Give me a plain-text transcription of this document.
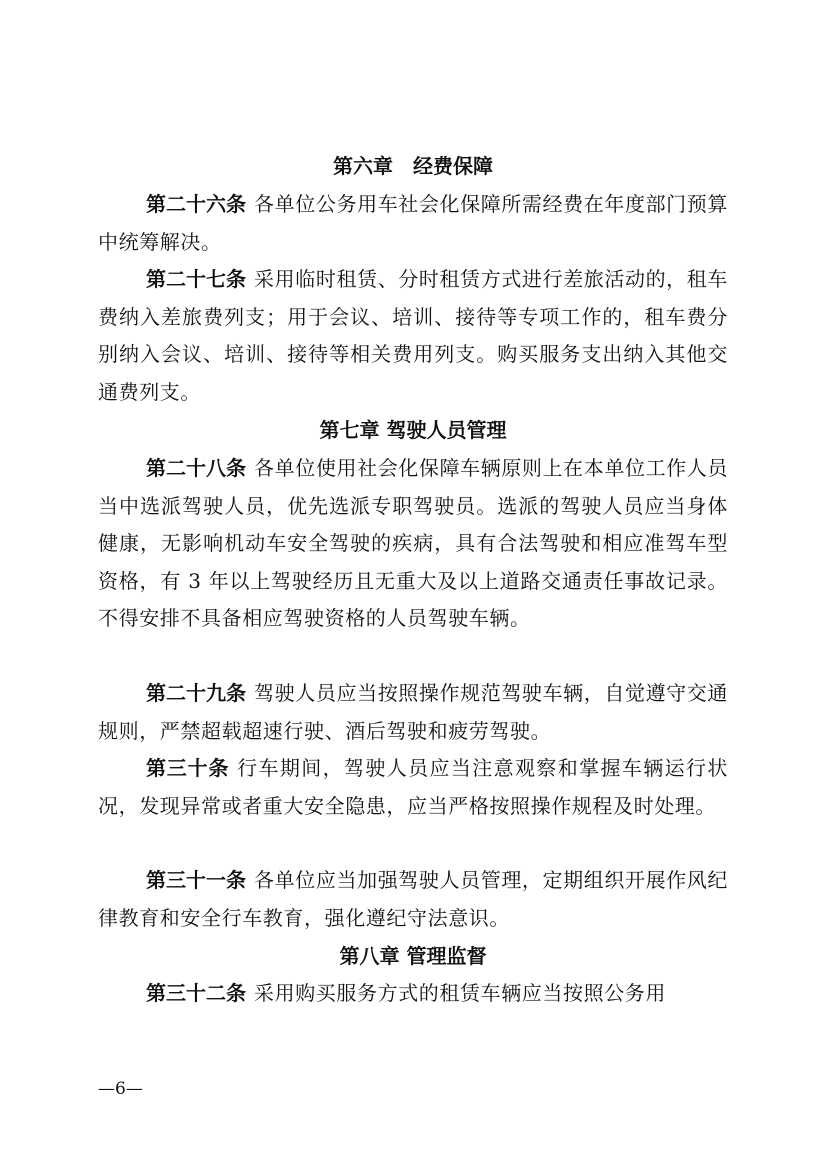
第六章　经费保障

第二十六条 各单位公务用车社会化保障所需经费在年度部门预算中统筹解决。

第二十七条 采用临时租赁、分时租赁方式进行差旅活动的，租车费纳入差旅费列支；用于会议、培训、接待等专项工作的，租车费分别纳入会议、培训、接待等相关费用列支。购买服务支出纳入其他交通费列支。

第七章 驾驶人员管理

第二十八条 各单位使用社会化保障车辆原则上在本单位工作人员当中选派驾驶人员，优先选派专职驾驶员。选派的驾驶人员应当身体健康，无影响机动车安全驾驶的疾病，具有合法驾驶和相应准驾车型资格，有 3 年以上驾驶经历且无重大及以上道路交通责任事故记录。不得安排不具备相应驾驶资格的人员驾驶车辆。

第二十九条 驾驶人员应当按照操作规范驾驶车辆，自觉遵守交通规则，严禁超载超速行驶、酒后驾驶和疲劳驾驶。

第三十条 行车期间，驾驶人员应当注意观察和掌握车辆运行状况，发现异常或者重大安全隐患，应当严格按照操作规程及时处理。

第三十一条 各单位应当加强驾驶人员管理，定期组织开展作风纪律教育和安全行车教育，强化遵纪守法意识。

第八章 管理监督

第三十二条 采用购买服务方式的租赁车辆应当按照公务用

—6—
